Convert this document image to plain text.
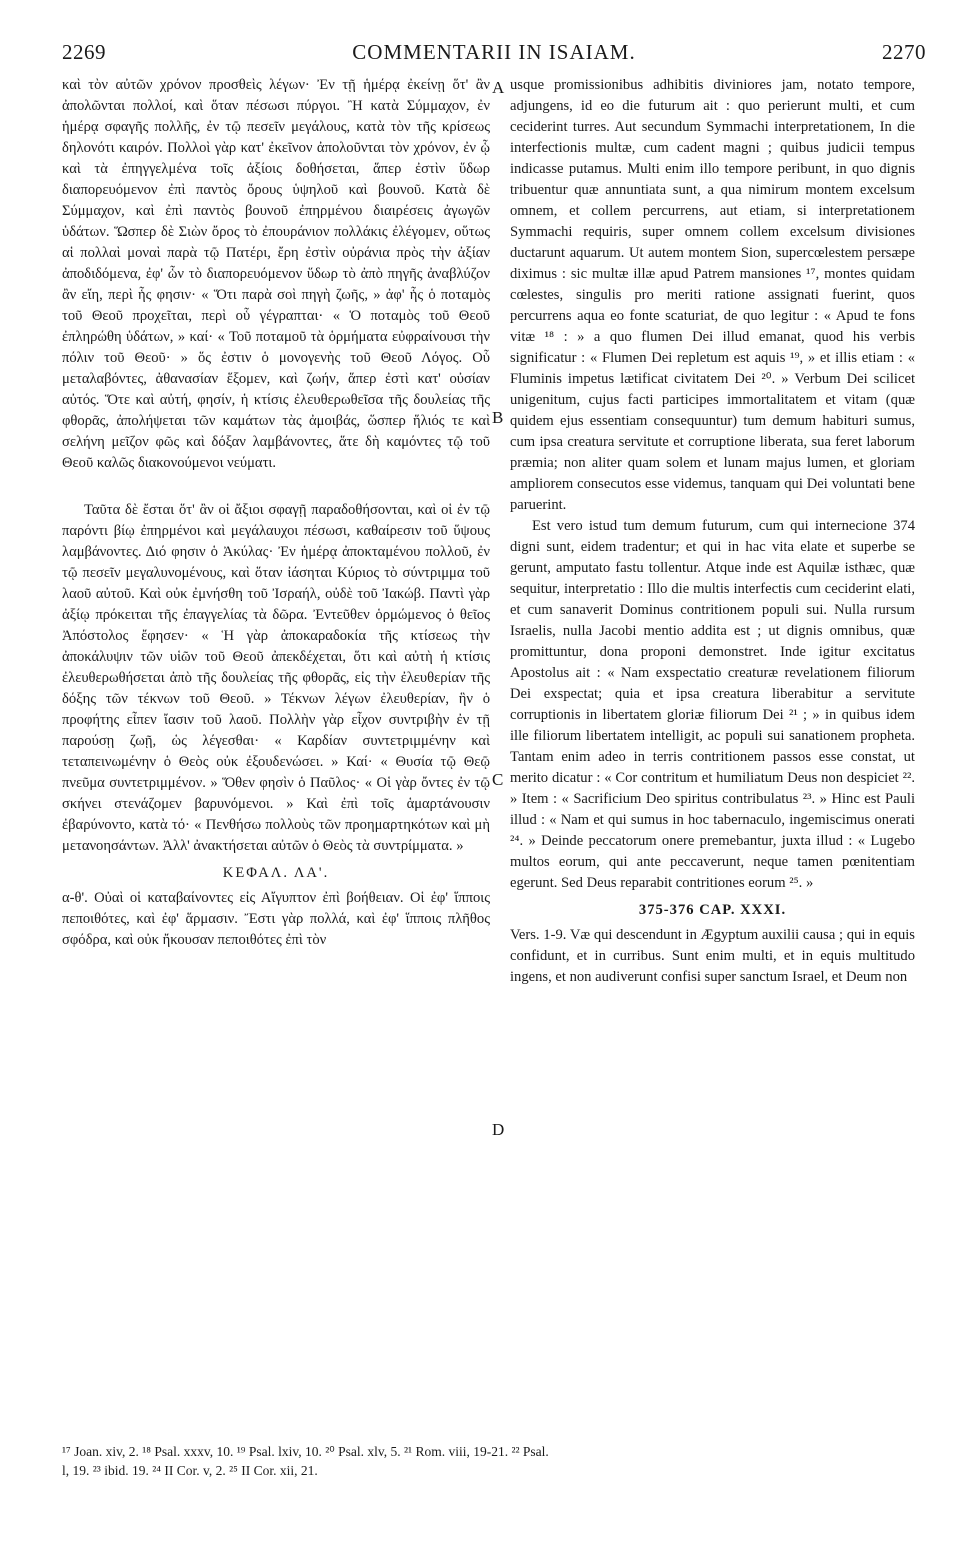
2269	COMMENTARII IN ISAIAM.	2270
A
B
C
D

καὶ τὸν αὐτῶν χρόνον προσθεὶς λέγων· Ἐν τῇ ἡμέρᾳ ἐκείνῃ ὅτ' ἂν ἀπολῶνται πολλοί, καὶ ὅταν πέσωσι πύργοι. Ἢ κατὰ Σύμμαχον, ἐν ἡμέρᾳ σφαγῆς πολλῆς, ἐν τῷ πεσεῖν μεγάλους, κατὰ τὸν τῆς κρίσεως δηλονότι καιρόν. Πολλοὶ γὰρ κατ' ἐκεῖνον ἀπολοῦνται τὸν χρόνον, ἐν ᾧ καὶ τὰ ἐπηγγελμένα τοῖς ἀξίοις δοθήσεται, ἅπερ ἐστὶν ὕδωρ διαπορευόμενον ἐπὶ παντὸς ὄρους ὑψηλοῦ καὶ βουνοῦ. Κατὰ δὲ Σύμμαχον, καὶ ἐπὶ παντὸς βουνοῦ ἐπηρμένου διαιρέσεις ἀγωγῶν ὑδάτων. Ὥσπερ δὲ Σιὼν ὄρος τὸ ἐπουράνιον πολλάκις ἐλέγομεν, οὕτως αἱ πολλαὶ μοναὶ παρὰ τῷ Πατέρι, ἔρη ἐστὶν οὐράνια πρὸς τὴν ἀξίαν ἀποδιδόμενα, ἐφ' ὧν τὸ διαπορευόμενον ὕδωρ τὸ ἀπὸ πηγῆς ἀναβλύζον ἂν εἴη, περὶ ἧς φησιν· « Ὅτι παρὰ σοὶ πηγὴ ζωῆς, » ἀφ' ἧς ὁ ποταμὸς τοῦ Θεοῦ προχεῖται, περὶ οὗ γέγραπται· « Ὁ ποταμὸς τοῦ Θεοῦ ἐπληρώθη ὑδάτων, » καί· « Τοῦ ποταμοῦ τὰ ὁρμήματα εὐφραίνουσι τὴν πόλιν τοῦ Θεοῦ· » ὅς ἐστιν ὁ μονογενὴς τοῦ Θεοῦ Λόγος. Οὗ μεταλαβόντες, ἀθανασίαν ἕξομεν, καὶ ζωήν, ἅπερ ἐστὶ κατ' οὐσίαν αὐτός. Ὅτε καὶ αὐτή, φησίν, ἡ κτίσις ἐλευθερωθεῖσα τῆς δουλείας τῆς φθορᾶς, ἀπολήψεται τῶν καμάτων τὰς ἀμοιβάς, ὥσπερ ἥλιός τε καὶ σελήνη μεῖζον φῶς καὶ δόξαν λαμβάνοντες, ἅτε δὴ καμόντες τῷ τοῦ Θεοῦ καλῶς διακονούμενοι νεύματι.

Ταῦτα δὲ ἔσται ὅτ' ἂν οἱ ἄξιοι σφαγῇ παραδοθήσονται, καὶ οἱ ἐν τῷ παρόντι βίῳ ἐπηρμένοι καὶ μεγάλαυχοι πέσωσι, καθαίρεσιν τοῦ ὕψους λαμβάνοντες. Διό φησιν ὁ Ἀκύλας· Ἐν ἡμέρᾳ ἀποκταμένου πολλοῦ, ἐν τῷ πεσεῖν μεγαλυνομένους, καὶ ὅταν ἰάσηται Κύριος τὸ σύντριμμα τοῦ λαοῦ αὐτοῦ. Καὶ οὐκ ἐμνήσθη τοῦ Ἰσραήλ, οὐδὲ τοῦ Ἰακώβ. Παντὶ γὰρ ἀξίῳ πρόκειται τῆς ἐπαγγελίας τὰ δῶρα. Ἐντεῦθεν ὁρμώμενος ὁ θεῖος Ἀπόστολος ἔφησεν· « Ἡ γὰρ ἀποκαραδοκία τῆς κτίσεως τὴν ἀποκάλυψιν τῶν υἱῶν τοῦ Θεοῦ ἀπεκδέχεται, ὅτι καὶ αὐτὴ ἡ κτίσις ἐλευθερωθήσεται ἀπὸ τῆς δουλείας τῆς φθορᾶς, εἰς τὴν ἐλευθερίαν τῆς δόξης τῶν τέκνων τοῦ Θεοῦ. » Τέκνων λέγων ἐλευθερίαν, ἣν ὁ προφήτης εἶπεν ἴασιν τοῦ λαοῦ. Πολλὴν γὰρ εἶχον συντριβὴν ἐν τῇ παρούσῃ ζωῇ, ὡς λέγεσθαι· « Καρδίαν συντετριμμένην καὶ τεταπεινωμένην ὁ Θεὸς οὐκ ἐξουδενώσει. » Καί· « Θυσία τῷ Θεῷ πνεῦμα συντετριμμένον. » Ὅθεν φησὶν ὁ Παῦλος· « Οἱ γὰρ ὄντες ἐν τῷ σκήνει στενάζομεν βαρυνόμενοι. » Καὶ ἐπὶ τοῖς ἁμαρτάνουσιν ἐβαρύνοντο, κατὰ τό· « Πενθήσω πολλοὺς τῶν προημαρτηκότων καὶ μὴ μετανοησάντων. Ἀλλ' ἀνακτήσεται αὐτῶν ὁ Θεὸς τὰ συντρίμματα. »

ΚΕΦΑΛ. ΛΑ'.

α-θ'. Οὐαὶ οἱ καταβαίνοντες εἰς Αἴγυπτον ἐπὶ βοήθειαν. Οἱ ἐφ' ἵπποις πεποιθότες, καὶ ἐφ' ἅρμασιν. Ἔστι γὰρ πολλά, καὶ ἐφ' ἵπποις πλῆθος σφόδρα, καὶ οὐκ ἤκουσαν πεποιθότες ἐπὶ τὸν

usque promissionibus adhibitis diviniores jam, notato tempore, adjungens, id eo die futurum ait : quo perierunt multi, et cum ceciderint turres. Aut secundum Symmachi interpretationem, In die interfectionis multæ, cum cadent magni ; quibus judicii tempus indicasse putamus. Multi enim illo tempore peribunt, in quo dignis tribuentur quæ annuntiata sunt, a qua nimirum montem excelsum omnem, et collem percurrens, aut etiam, si interpretationem Symmachi requiris, super omnem collem excelsum divisiones ductarunt aquarum. Ut autem montem Sion, supercœlestem persæpe diximus : sic multæ illæ apud Patrem mansiones ¹⁷, montes quidam cœlestes, singulis pro meriti ratione assignati fuerint, quos percurrens aqua eo fonte scaturiat, de quo legitur : « Apud te fons vitæ ¹⁸ : » a quo flumen Dei illud emanat, quod his verbis significatur : « Flumen Dei repletum est aquis ¹⁹, » et illis etiam : « Fluminis impetus lætificat civitatem Dei ²⁰. » Verbum Dei scilicet unigenitum, cujus facti participes immortalitatem et vitam (quæ quidem ejus essentiam consequuntur) tum demum habituri sumus, cum ipsa creatura servitute et corruptione liberata, sua feret laborum præmia; non aliter quam solem et lunam majus lumen, et gloriam ampliorem consecutos esse videmus, tanquam qui Dei voluntati bene paruerint.

Est vero istud tum demum futurum, cum qui internecione 374 digni sunt, eidem tradentur; et qui in hac vita elate et superbe se gerunt, amputato fastu tollentur. Atque inde est Aquilæ isthæc, quæ sequitur, interpretatio : Illo die multis interfectis cum ceciderint elati, et cum sanaverit Dominus contritionem populi sui. Nulla rursum Israelis, nulla Jacobi mentio addita est ; ut dignis omnibus, quæ promittuntur, dona proponi demonstret. Inde igitur excitatus Apostolus ait : « Nam exspectatio creaturæ revelationem filiorum Dei exspectat; quia et ipsa creatura liberabitur a servitute corruptionis in libertatem gloriæ filiorum Dei ²¹ ; » in quibus idem ille filiorum libertatem intelligit, ac populi sui sanationem propheta. Tantam enim adeo in terris contritionem passos esse constat, ut merito dicatur : « Cor contritum et humiliatum Deus non despiciet ²². » Item : « Sacrificium Deo spiritus contribulatus ²³. » Hinc est Pauli illud : « Nam et qui sumus in hoc tabernaculo, ingemiscimus onerati ²⁴. » Deinde peccatorum onere premebantur, juxta illud : « Lugebo multos eorum, qui ante peccaverunt, neque tamen pœnitentiam egerunt. Sed Deus reparabit contritiones eorum ²⁵. »

375-376 CAP. XXXI.

Vers. 1-9. Væ qui descendunt in Ægyptum auxilii causa ; qui in equis confidunt, et in curribus. Sunt enim multi, et in equis multitudo ingens, et non audiverunt confisi super sanctum Israel, et Deum non

¹⁷ Joan. xiv, 2. ¹⁸ Psal. xxxv, 10. ¹⁹ Psal. lxiv, 10. ²⁰ Psal. xlv, 5. ²¹ Rom. viii, 19-21. ²² Psal.
l, 19. ²³ ibid. 19. ²⁴ II Cor. v, 2. ²⁵ II Cor. xii, 21.
